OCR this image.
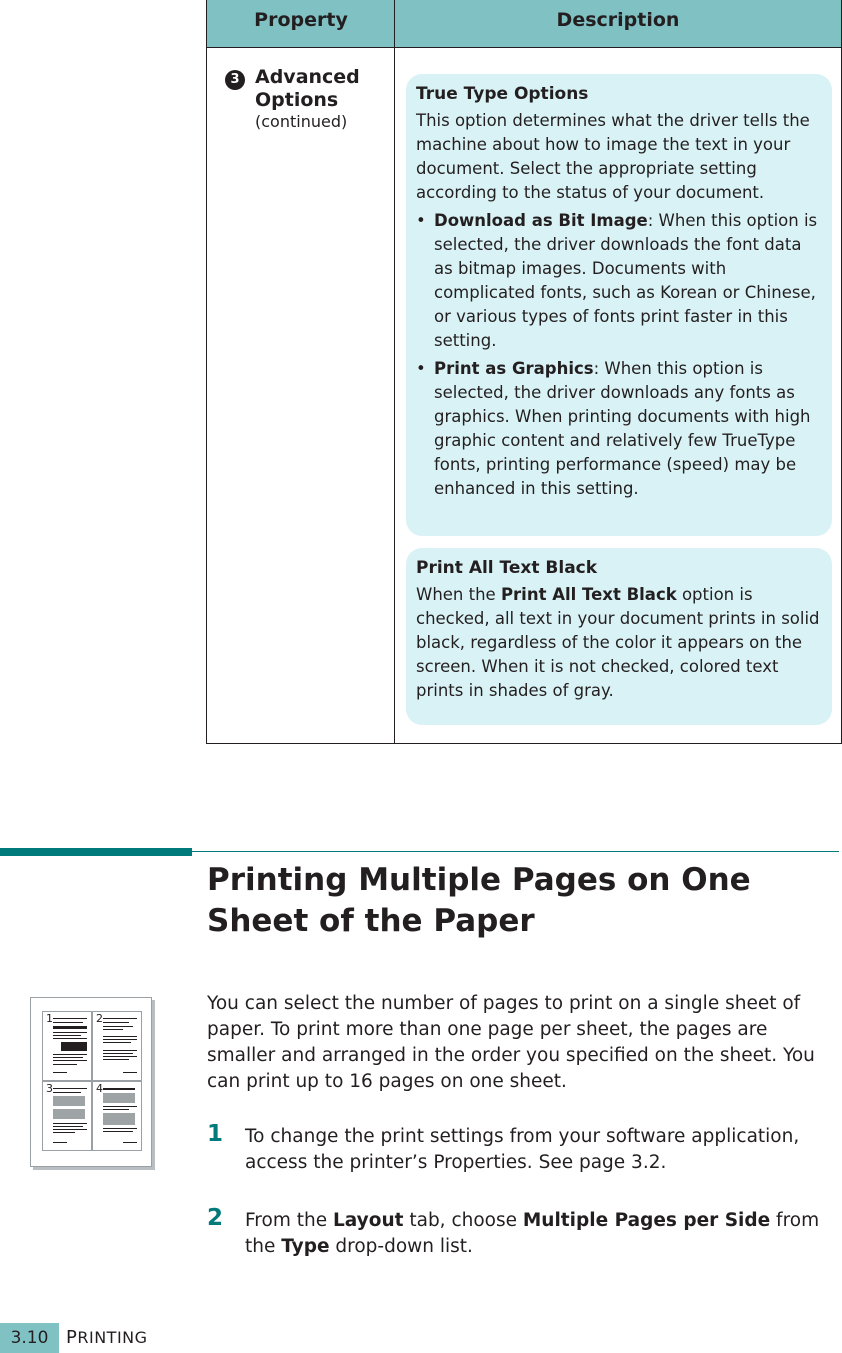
Property	Description
3 Advanced
Options
(continued)
True Type Options

This option determines what the driver tells the machine about how to image the text in your document. Select the appropriate setting according to the status of your document.

• Download as Bit Image: When this option is selected, the driver downloads the font data as bitmap images. Documents with complicated fonts, such as Korean or Chinese, or various types of fonts print faster in this setting.
• Print as Graphics: When this option is selected, the driver downloads any fonts as graphics. When printing documents with high graphic content and relatively few TrueType fonts, printing performance (speed) may be enhanced in this setting.
Print All Text Black

When the Print All Text Black option is checked, all text in your document prints in solid black, regardless of the color it appears on the screen. When it is not checked, colored text prints in shades of gray.

Printing Multiple Pages on One Sheet of the Paper
1	2
3	4

You can select the number of pages to print on a single sheet of paper. To print more than one page per sheet, the pages are smaller and arranged in the order you specified on the sheet. You can print up to 16 pages on one sheet.

1 To change the print settings from your software application, access the printer’s Properties. See page 3.2.
2 From the Layout tab, choose Multiple Pages per Side from the Type drop-down list.
3.10 PRINTING
